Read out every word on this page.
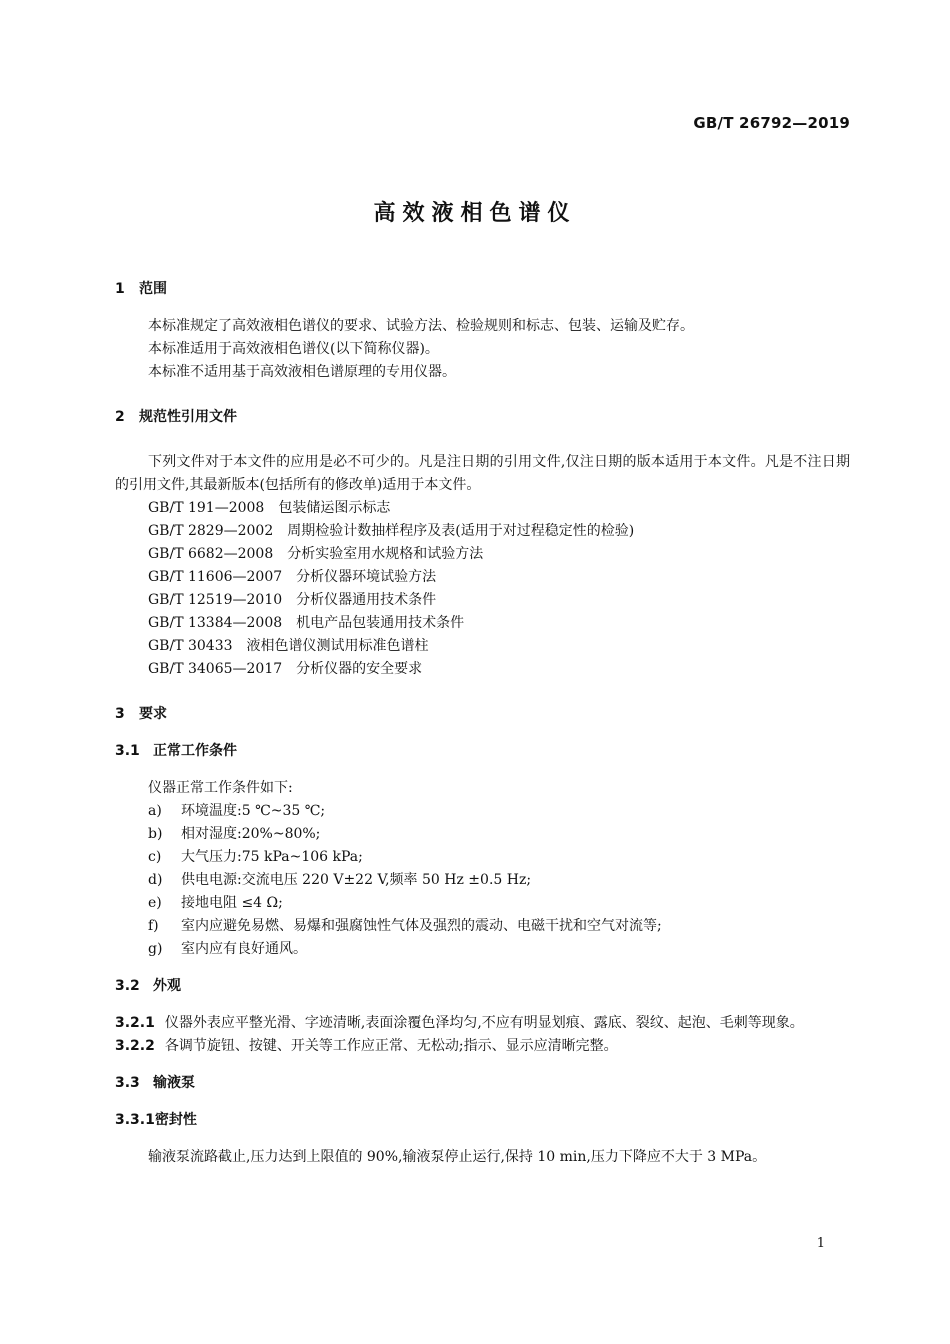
GB/T 26792—2019
高效液相色谱仪
1 范围
本标准规定了高效液相色谱仪的要求、试验方法、检验规则和标志、包装、运输及贮存。
本标准适用于高效液相色谱仪(以下简称仪器)。
本标准不适用基于高效液相色谱原理的专用仪器。
2 规范性引用文件
下列文件对于本文件的应用是必不可少的。凡是注日期的引用文件,仅注日期的版本适用于本文件。凡是不注日期的引用文件,其最新版本(包括所有的修改单)适用于本文件。
GB/T 191—2008 包装储运图示标志
GB/T 2829—2002 周期检验计数抽样程序及表(适用于对过程稳定性的检验)
GB/T 6682—2008 分析实验室用水规格和试验方法
GB/T 11606—2007 分析仪器环境试验方法
GB/T 12519—2010 分析仪器通用技术条件
GB/T 13384—2008 机电产品包装通用技术条件
GB/T 30433 液相色谱仪测试用标准色谱柱
GB/T 34065—2017 分析仪器的安全要求
3 要求
3.1 正常工作条件
仪器正常工作条件如下:
a) 环境温度:5 ℃~35 ℃;
b) 相对湿度:20%~80%;
c) 大气压力:75 kPa~106 kPa;
d) 供电电源:交流电压 220 V±22 V,频率 50 Hz ±0.5 Hz;
e) 接地电阻 ≤4 Ω;
f) 室内应避免易燃、易爆和强腐蚀性气体及强烈的震动、电磁干扰和空气对流等;
g) 室内应有良好通风。
3.2 外观
3.2.1 仪器外表应平整光滑、字迹清晰,表面涂覆色泽均匀,不应有明显划痕、露底、裂纹、起泡、毛刺等现象。
3.2.2 各调节旋钮、按键、开关等工作应正常、无松动;指示、显示应清晰完整。
3.3 输液泵
3.3.1密封性
输液泵流路截止,压力达到上限值的 90%,输液泵停止运行,保持 10 min,压力下降应不大于 3 MPa。
1
